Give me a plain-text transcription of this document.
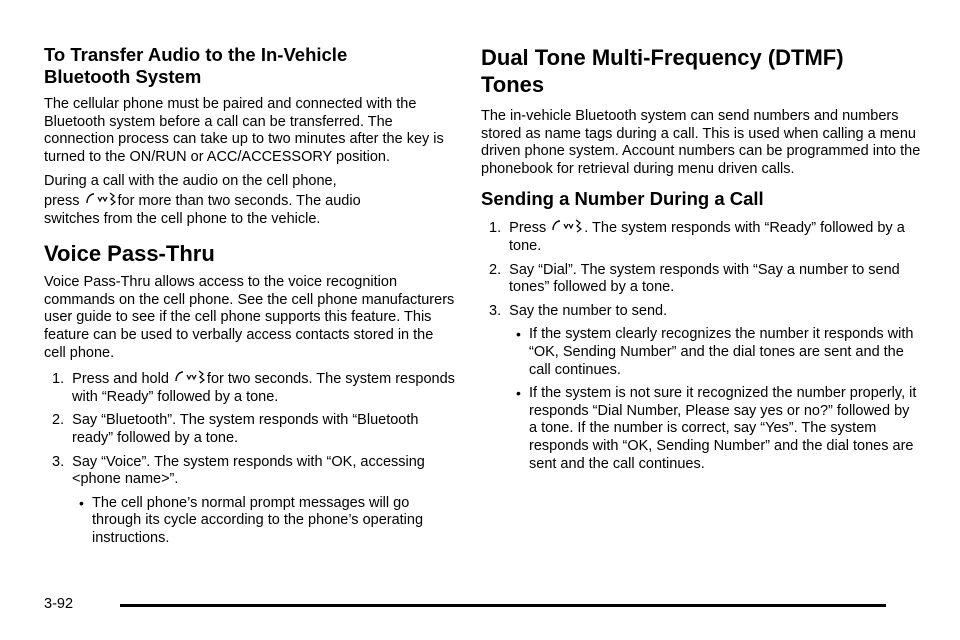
To Transfer Audio to the In-Vehicle
Bluetooth System

The cellular phone must be paired and connected with the Bluetooth system before a call can be transferred. The connection process can take up to two minutes after the key is turned to the ON/RUN or ACC/ACCESSORY position.

During a call with the audio on the cell phone,
press	for more than two seconds. The audio
switches from the cell phone to the vehicle.

Voice Pass-Thru

Voice Pass-Thru allows access to the voice recognition commands on the cell phone. See the cell phone manufacturers user guide to see if the cell phone supports this feature. This feature can be used to verbally access contacts stored in the cell phone.

1. Press and hold	for two seconds. The system responds with “Ready” followed by a tone.
2. Say “Bluetooth”. The system responds with “Bluetooth ready” followed by a tone.
3. Say “Voice”. The system responds with “OK, accessing <phone name>”.
• The cell phone’s normal prompt messages will go through its cycle according to the phone’s operating instructions.
Dual Tone Multi-Frequency (DTMF)
Tones

The in-vehicle Bluetooth system can send numbers and numbers stored as name tags during a call. This is used when calling a menu driven phone system. Account numbers can be programmed into the phonebook for retrieval during menu driven calls.

Sending a Number During a Call
1. Press	. The system responds with “Ready” followed by a tone.
2. Say “Dial”. The system responds with “Say a number to send tones” followed by a tone.
3. Say the number to send.
• If the system clearly recognizes the number it responds with “OK, Sending Number” and the dial tones are sent and the call continues.
• If the system is not sure it recognized the number properly, it responds “Dial Number, Please say yes or no?” followed by a tone. If the number is correct, say “Yes”. The system responds with “OK, Sending Number” and the dial tones are sent and the call continues.
3-92
